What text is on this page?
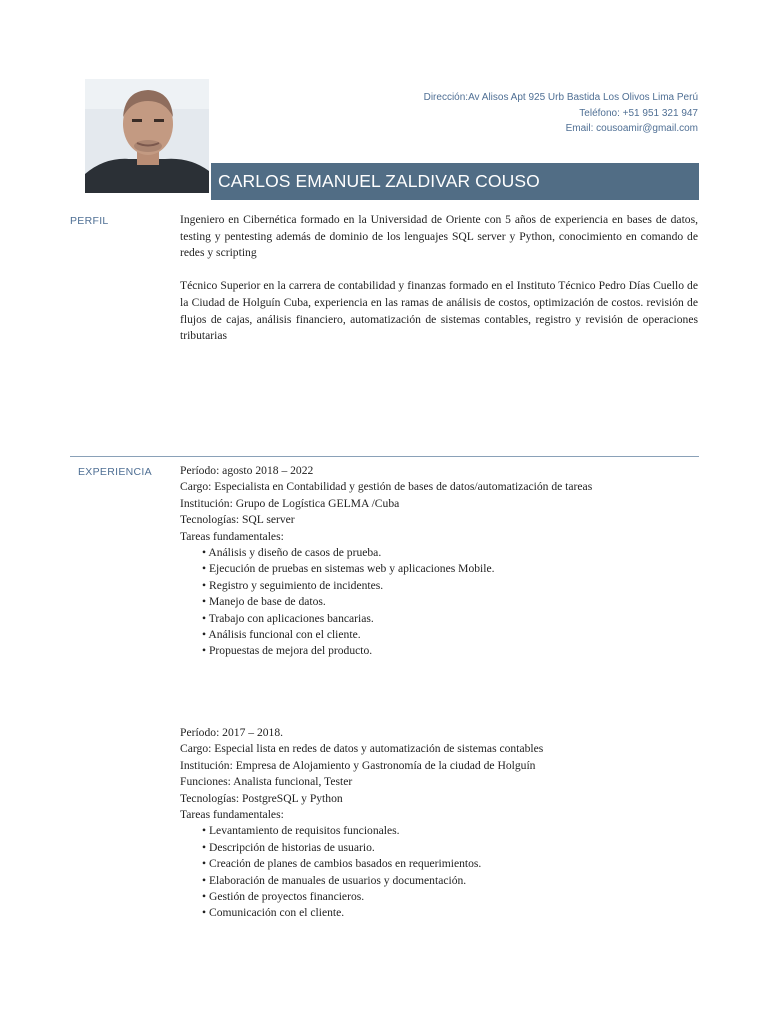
Dirección:Av Alisos Apt 925 Urb Bastida Los Olivos Lima Perú
Teléfono: +51 951 321 947
Email: cousoamir@gmail.com
CARLOS EMANUEL ZALDIVAR COUSO
PERFIL	Ingeniero en Cibernética formado en la Universidad de Oriente con 5 años de experiencia en bases de datos, testing y pentesting además de dominio de los lenguajes SQL server y Python, conocimiento en comando de redes y scripting

Técnico Superior en la carrera de contabilidad y finanzas formado en el Instituto Técnico Pedro Días Cuello de la Ciudad de Holguín Cuba, experiencia en las ramas de análisis de costos, optimización de costos. revisión de flujos de cajas, análisis financiero, automatización de sistemas contables, registro y revisión de operaciones tributarias

EXPERIENCIA Período: agosto 2018 – 2022
Cargo: Especialista en Contabilidad y gestión de bases de datos/automatización de tareas
Institución: Grupo de Logística GELMA /Cuba
Tecnologías: SQL server
Tareas fundamentales:
• Análisis y diseño de casos de prueba.
• Ejecución de pruebas en sistemas web y aplicaciones Mobile.
• Registro y seguimiento de incidentes.
• Manejo de base de datos.
• Trabajo con aplicaciones bancarias.
• Análisis funcional con el cliente.
• Propuestas de mejora del producto.
Período: 2017 – 2018.
Cargo: Especial lista en redes de datos y automatización de sistemas contables
Institución: Empresa de Alojamiento y Gastronomía de la ciudad de Holguín
Funciones: Analista funcional, Tester
Tecnologías: PostgreSQL y Python
Tareas fundamentales:
• Levantamiento de requisitos funcionales.
• Descripción de historias de usuario.
• Creación de planes de cambios basados en requerimientos.
• Elaboración de manuales de usuarios y documentación.
• Gestión de proyectos financieros.
• Comunicación con el cliente.
